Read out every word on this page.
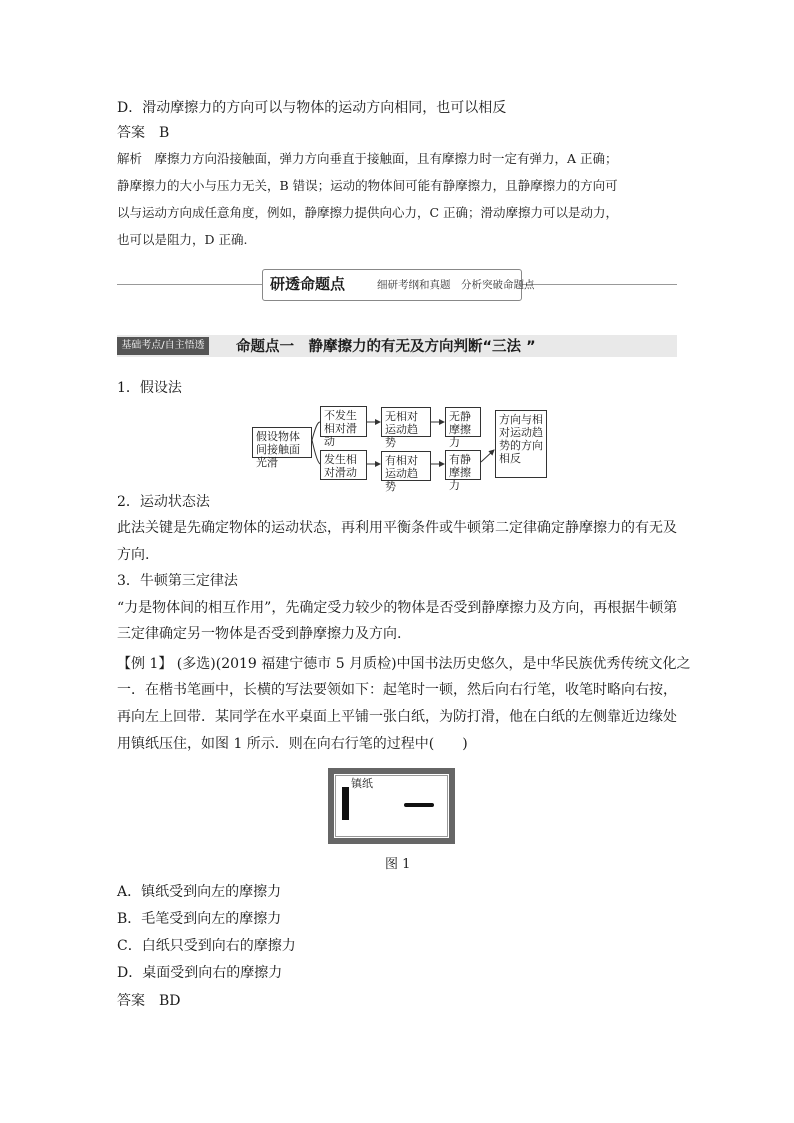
D．滑动摩擦力的方向可以与物体的运动方向相同，也可以相反
答案　B
解析　摩擦力方向沿接触面，弹力方向垂直于接触面，且有摩擦力时一定有弹力，A 正确；
静摩擦力的大小与压力无关，B 错误；运动的物体间可能有静摩擦力，且静摩擦力的方向可
以与运动方向成任意角度，例如，静摩擦力提供向心力，C 正确；滑动摩擦力可以是动力，
也可以是阻力，D 正确.
研透命题点	细研考纲和真题　分析突破命题点
基础考点/自主悟透 命题点一　静摩擦力的有无及方向判断“三法 ”
1．假设法
假设物体间接触面光滑
不发生相对滑动
无相对运动趋势
无静摩擦力
发生相对滑动
有相对运动趋势
有静摩擦力
方向与相对运动趋势的方向相反
2．运动状态法
此法关键是先确定物体的运动状态，再利用平衡条件或牛顿第二定律确定静摩擦力的有无及
方向.
3．牛顿第三定律法
“力是物体间的相互作用”，先确定受力较少的物体是否受到静摩擦力及方向，再根据牛顿第
三定律确定另一物体是否受到静摩擦力及方向.
【例 1】 (多选)(2019 福建宁德市 5 月质检)中国书法历史悠久，是中华民族优秀传统文化之
一．在楷书笔画中，长横的写法要领如下：起笔时一顿，然后向右行笔，收笔时略向右按，
再向左上回带．某同学在水平桌面上平铺一张白纸，为防打滑，他在白纸的左侧靠近边缘处
用镇纸压住，如图 1 所示．则在向右行笔的过程中(　　)
镇纸
图 1
A．镇纸受到向左的摩擦力
B．毛笔受到向左的摩擦力
C．白纸只受到向右的摩擦力
D．桌面受到向右的摩擦力
答案　BD
